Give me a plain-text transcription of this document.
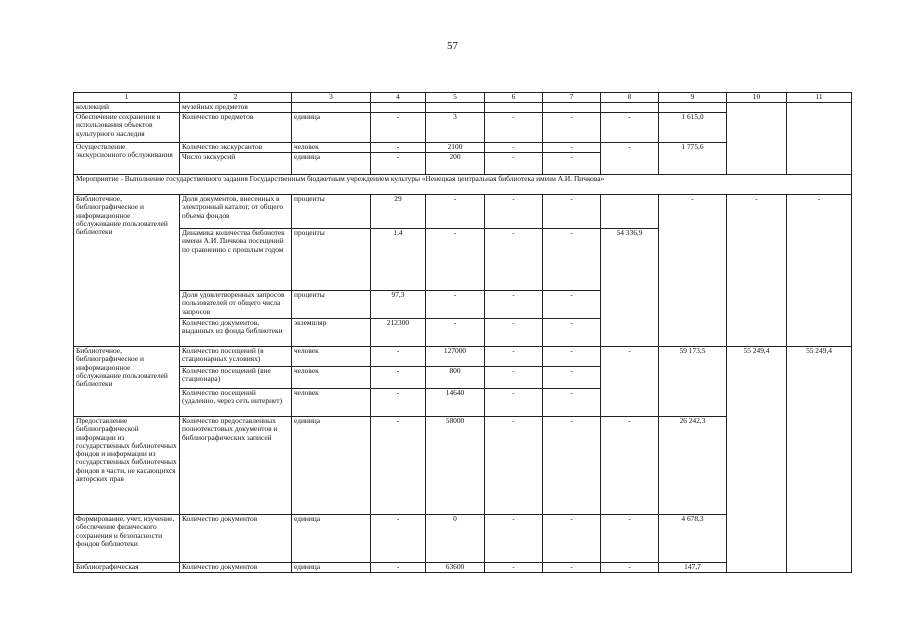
57
1	2	3	4	5	6	7	8	9	10	11
коллекций	музейных предметов									
Обеспечение сохранения и использования объектов культурного наследия	Количество предметов	единица	-	3	-	-	-	1 615,0		
Осуществление экскурсионного обслуживания	Количество экскурсантов	человек	-	2100	-	-	-	1 775,6		
	Число экскурсий	единица	-	200	-	-				
Мероприятие - Выполнение государственного задания Государственным бюджетным учреждением культуры «Ненецкая центральная библиотека имени А.И. Пичкова»										
Библиотечное, библиографическое и информационное обслуживание пользователей библиотеки	Доля документов, внесенных в электронный каталог, от общего объема фондов	проценты	29	-	-	-		-	-	-
	Динамика количества библиотек имени А.И. Пичкова посещений по сравнению с прошлым годом	проценты	1,4	-	-	-	54 336,9			
	Доля удовлетворенных запросов пользователей от общего числа запросов	проценты	97,3	-	-	-				
	Количество документов, выданных из фонда библиотеки	экземпляр	212300	-	-	-				
Библиотечное, библиографическое и информационное обслуживание пользователей библиотеки	Количество посещений (в стационарных условиях)	человек	-	127000	-	-	-	59 173,5	55 249,4	55 249,4
	Количество посещений (вне стационара)	человек	-	800	-	-				
	Количество посещений (удаленно, через сеть интернет)	человек	-	14640	-	-				
Предоставление библиографической информации из государственных библиотечных фондов и информации из государственных библиотечных фондов в части, не касающихся авторских прав	Количество предоставленных полнотекстовых документов и библиографических записей	единица	-	58000	-	-	-	26 242,3		
Формирование, учет, изучение, обеспечение физического сохранения и безопасности фондов библиотеки	Количество документов	единица	-	0	-	-	-	4 678,3		
Библиографическая	Количество документов	единица	-	63600	-	-	-	147,7		
